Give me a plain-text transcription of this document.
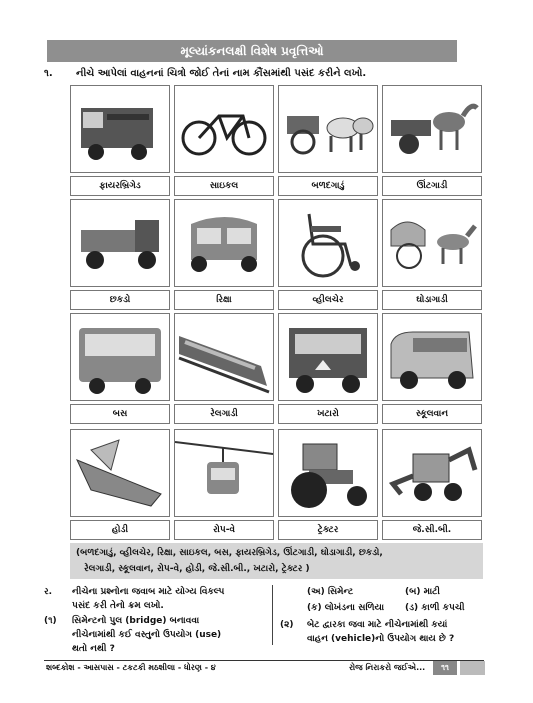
મૂલ્યાંકનલક્ષી વિશેષ પ્રવૃત્તિઓ
૧. નીચે આપેલાં વાહનનાં ચિત્રો જોઈ તેનાં નામ કૌંસમાંથી પસંદ કરીને લખો.
ફાયરબ્રિગેડ	સાઇકલ	બળદગાડું	ઊંટગાડી
છકડો	રિક્ષા	વ્હીલચેર	ઘોડાગાડી
બસ	રેલગાડી	ખટારો	સ્કૂલવાન
હોડી	રોપ-વે	ટ્રેક્ટર	જે.સી.બી.
(બળદગાડું, વ્હીલચેર, રિક્ષા, સાઇકલ, બસ, ફાયરબ્રિગેડ, ઊંટગાડી, ઘોડાગાડી, છકડો,
રેલગાડી, સ્કૂલવાન, રોપ-વે, હોડી, જે.સી.બી., ખટારો, ટ્રેક્ટર )
ર. નીચેના પ્રશ્નોના જવાબ માટે યોગ્ય વિકલ્પ
પસંદ કરી તેનો ક્રમ લખો.
(૧) સિમેન્ટનો પુલ (bridge) બનાવવા
નીચેનામાંથી કઈ વસ્તુનો ઉપયોગ (use)
થતો નથી ?
(અ) સિમેન્ટ	(બ) માટી
(ક) લોખંડના સળિયા (ડ) કાળી કપચી
(૨) બેટ દ્વારકા જવા માટે નીચેનામાંથી કયાં
વાહન (vehicle)નો ઉપયોગ થાય છે ?
શબ્દકોશ - આસપાસ - ટકટકી મઠશીલા - ધોરણ - ૪	રોજ નિરાકરો જઈએ...	૧૧
